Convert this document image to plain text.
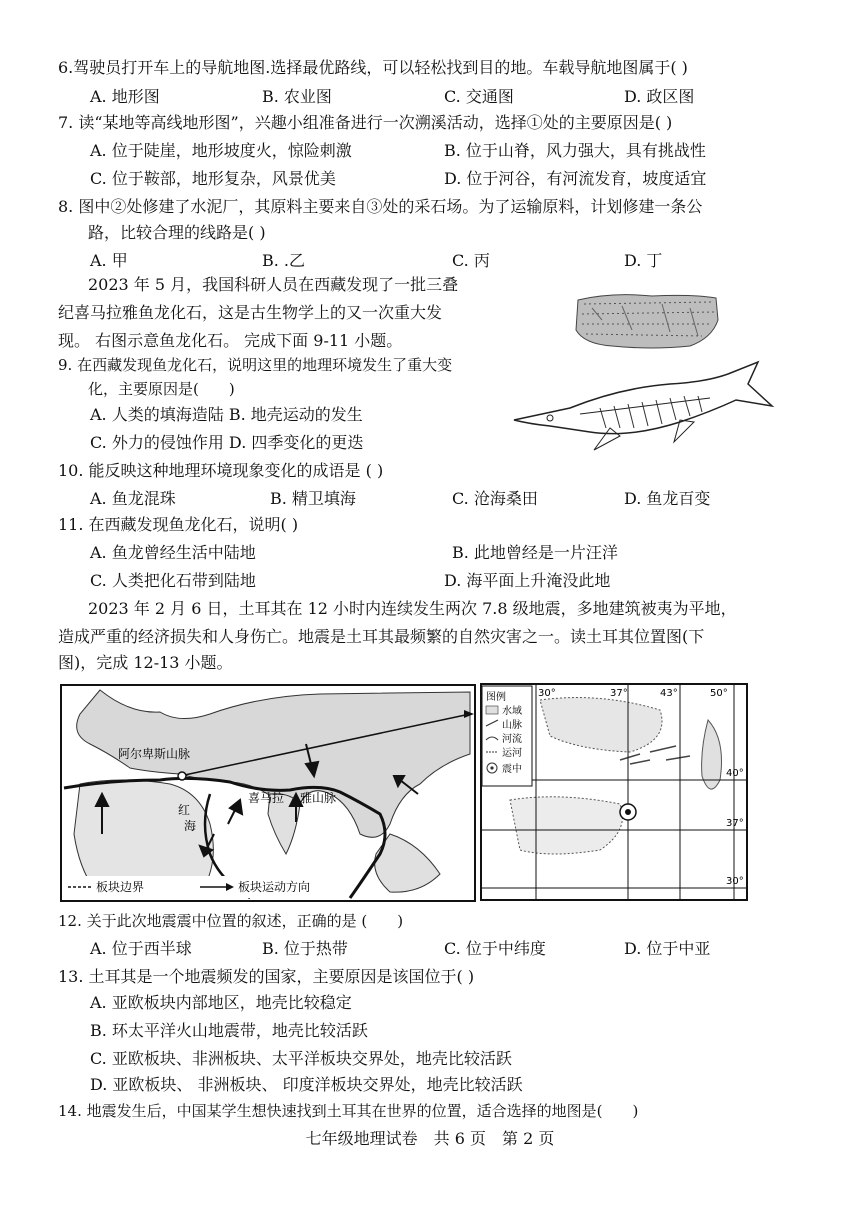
6.驾驶员打开车上的导航地图.选择最优路线，可以轻松找到目的地。车载导航地图属于( )
A. 地形图	B. 农业图	C. 交通图	D. 政区图
7. 读“某地等高线地形图”，兴趣小组准备进行一次溯溪活动，选择①处的主要原因是( )
A. 位于陡崖，地形坡度火，惊险刺激	B. 位于山脊，风力强大，具有挑战性
C. 位于鞍部，地形复杂，风景优美	D. 位于河谷，有河流发育，坡度适宜
8. 图中②处修建了水泥厂，其原料主要来自③处的采石场。为了运输原料，计划修建一条公
路，比较合理的线路是( )
A. 甲	B. .乙	C. 丙	D. 丁
2023 年 5 月，我国科研人员在西藏发现了一批三叠
纪喜马拉雅鱼龙化石，这是古生物学上的又一次重大发
现。 右图示意鱼龙化石。 完成下面 9-11 小题。
9. 在西藏发现鱼龙化石，说明这里的地理环境发生了重大变
化，主要原因是(　　)
A. 人类的填海造陆 B. 地壳运动的发生
C. 外力的侵蚀作用 D. 四季变化的更迭
10. 能反映这种地理环境现象变化的成语是 ( )
A. 鱼龙混珠	B. 精卫填海	C. 沧海桑田	D. 鱼龙百变
11. 在西藏发现鱼龙化石，说明( )
A. 鱼龙曾经生活中陆地	B. 此地曾经是一片汪洋
C. 人类把化石带到陆地	D. 海平面上升淹没此地
2023 年 2 月 6 日，土耳其在 12 小时内连续发生两次 7.8 级地震，多地建筑被夷为平地，
造成严重的经济损失和人身伤亡。地震是土耳其最频繁的自然灾害之一。读土耳其位置图(下
图)，完成 12-13 小题。
阿尔卑斯山脉
喜马拉 雅山脉
红
海
板块边界	板块运动方向
图例
水域
山脉
河流
运河
震中
30°	37°	43°	50°
40°
37°
30°
12. 关于此次地震震中位置的叙述，正确的是 (　　)
A. 位于西半球	B. 位于热带	C. 位于中纬度	D. 位于中亚
13. 土耳其是一个地震频发的国家，主要原因是该国位于( )
A. 亚欧板块内部地区，地壳比较稳定
B. 环太平洋火山地震带，地壳比较活跃
C. 亚欧板块、非洲板块、太平洋板块交界处，地壳比较活跃
D. 亚欧板块、 非洲板块、 印度洋板块交界处，地壳比较活跃
14. 地震发生后，中国某学生想快速找到土耳其在世界的位置，适合选择的地图是(　　)
七年级地理试卷　共 6 页　第 2 页
